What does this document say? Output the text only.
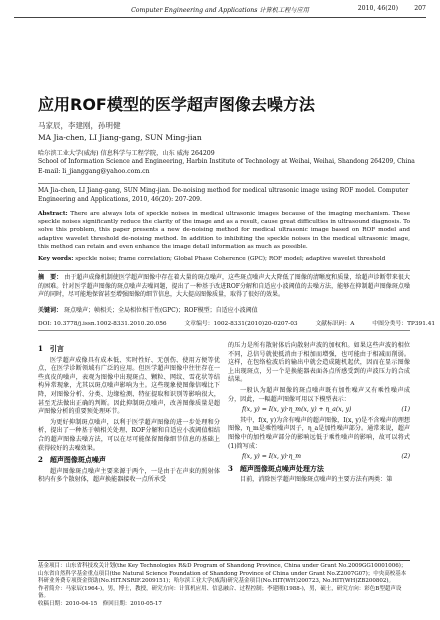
Computer Engineering and Applications 计算机工程与应用	2010, 46(20)	207
应用ROF模型的医学超声图像去噪方法
马家辰，李建刚，孙明健
MA Jia-chen, LI Jiang-gang, SUN Ming-jian
哈尔滨工业大学(威海) 信息科学与工程学院，山东 威海 264209
School of Information Science and Engineering, Harbin Institute of Technology at Weihai, Weihai, Shandong 264209, China
E-mail: li_jianggang@yahoo.com.cn
MA Jia-chen, LI Jiang-gang, SUN Ming-jian. De-noising method for medical ultrasonic image using ROF model. Computer Engineering and Applications, 2010, 46(20): 207-209.
Abstract: There are always lots of speckle noises in medical ultrasonic images because of the imaging mechanism. These speckle noises significantly reduce the clarity of the image and as a result, cause great difficulties in ultrasound diagnosis. To solve this problem, this paper presents a new de-noising method for medical ultrasonic image based on ROF model and adaptive wavelet threshold de-noising method. In addition to inhibiting the speckle noises in the medical ultrasonic image, this method can retain and even enhance the image detail information as much as possible.
Key words: speckle noise; frame correlation; Global Phase Coherence (GPC); ROF model; adaptive wavelet threshold
摘　要： 由于超声成像机制使医学超声图像中存在着大量的斑点噪声，这些斑点噪声大大降低了图像的清晰度和质量，给超声诊断带来很大的困难。针对医学超声图像的斑点噪声去噪问题，提出了一种基于改进ROF分解和自适应小波阈值的去噪方法，能够在抑制超声图像斑点噪声的同时，尽可能地保留甚至增强图像的细节信息，大大提高图像质量，取得了很好的效果。
关键词： 斑点噪声；帧相关；全局相位相干性(GPC)；ROF模型；自适应小波阈值
DOI: 10.3778/j.issn.1002-8331.2010.20.056	文章编号：1002-8331(2010)20-0207-03	文献标识码：A	中图分类号：TP391.41
1　引言

医学超声成像具有成本低、实时性好、无创伤、使用方便等优点，在医学诊断领域有广泛的应用。但医学超声图像中往往存在一些真皮的噪声，表观为图像中出现斑点、颗粒、网纹、雪花状等结构异常现象，尤其以斑点噪声影响为主。这些现象使图像信噪比下降，对图像分析、分类、边缘检测、特征提取和识别等影响很大，甚至无法做出正确的判断。因此抑制斑点噪声，改善图像质量是超声图像分析的重要预处理环节。

为更好抑制斑点噪声，以利于医学超声图像的进一步处理和分析，提出了一种基于帧相关处理、ROF分解和自适应小波阈值相结合的超声图像去噪方法，可以在尽可能保留图像细节信息的基础上获得较好的去噪效果。

2　超声图像斑点噪声

超声图像斑点噪声主要来源于两个，一是由于在声束的照射体积内有多个散射体，超声换能器接收一点所承受

的压力是所有散射体后向散射声波的加权和。如果这些声波的相位不同，总信号就使抵消由于相加而增强，也可能由于相减而削弱。这样，在包络检波后的输出中就会造成随机起伏，因而在显示图像上出现斑点，另一个是换能器表面各点所感受到的声波压力的合成结果。

一般认为超声图像的斑点噪声既有加性噪声又有乘性噪声成分，因此，一幅超声图像可用以下模型表示：

f(x, y) = I(x, y)·η_m(x, y) + η_a(x, y)	(1)

其中，f(x, y)为含有噪声的超声图像，I(x, y)是不含噪声的理想图像，η_m是乘性噪声因子，η_a是加性噪声部分。通常来说，超声图像中的加性噪声部分的影响远低于乘性噪声的影响，故可以将式(1)简写成：

f(x, y) = I(x, y)·η_m	(2)
3　超声图像斑点噪声处理方法

目前，消除医学超声图像斑点噪声的主要方法有两类：第

基金项目：山东省科技攻关计划(the Key Technologies R&D Program of Shandong Province, China under Grant No.2009GG10001006)；山东省自然科学基金重点项目(the Natural Science Foundation of Shandong Province of China under Grant No.Z2007G07)；中央高校基本科研业务费专项资金资助(No.HIT.NSRIF.2009151)；哈尔滨工业大学(威海)研究基金项目(No.HIT(WH)200723, No.HIT(WH)ZB200802)。
作者简介：马家辰(1964-)，男，博士，教授，研究方向：计算机应用、信息融合、过程控制；李建刚(1988-)，男，硕士，研究方向：彩色B型超声设备。
收稿日期：2010-04-15　修回日期：2010-05-17
